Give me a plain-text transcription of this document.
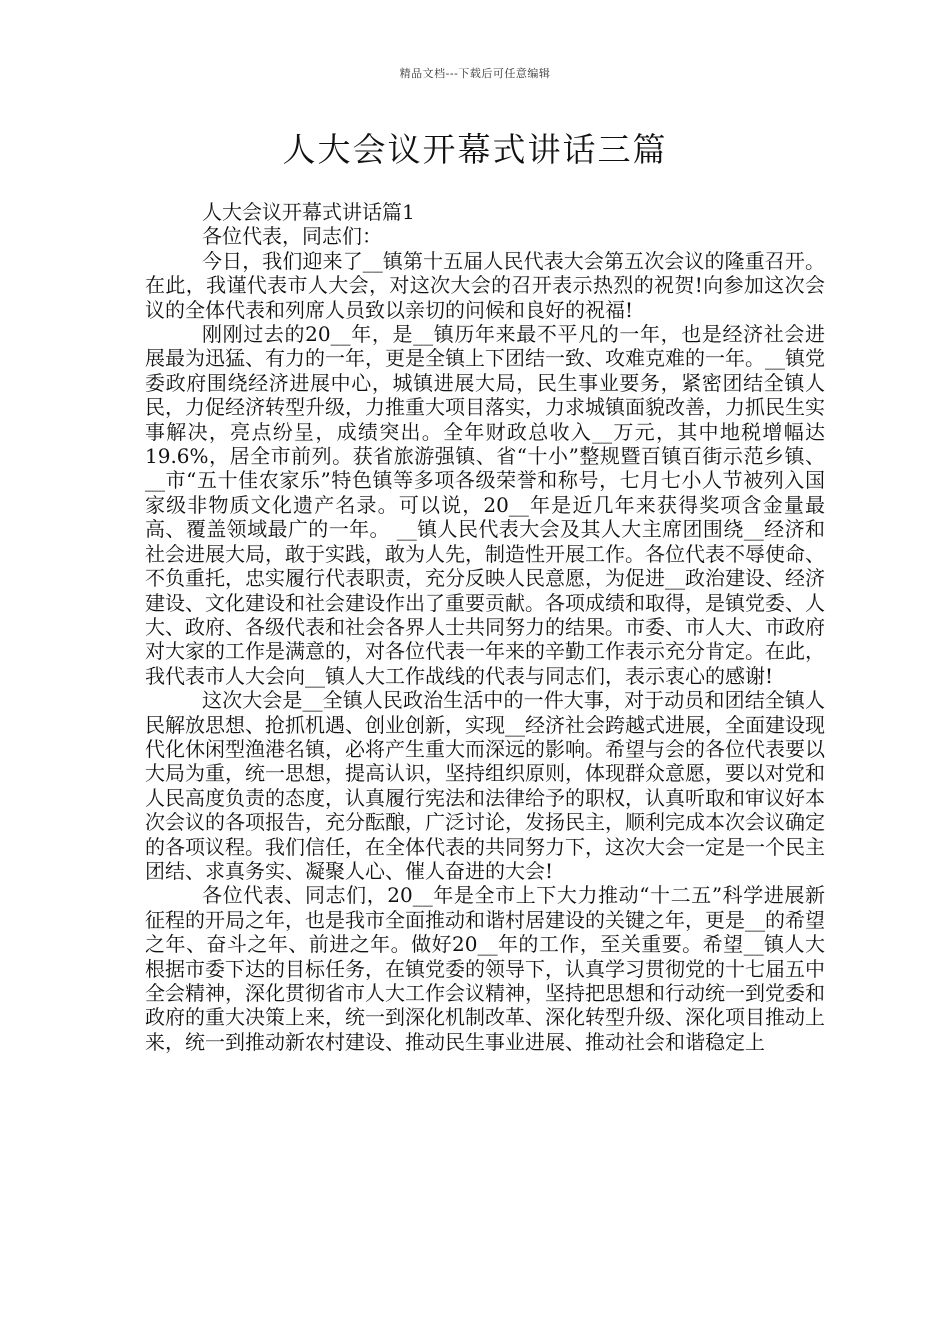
精品文档---下载后可任意编辑
人大会议开幕式讲话三篇

人大会议开幕式讲话篇1

各位代表，同志们：

今日，我们迎来了__镇第十五届人民代表大会第五次会议的隆重召开。在此，我谨代表市人大会，对这次大会的召开表示热烈的祝贺!向参加这次会议的全体代表和列席人员致以亲切的问候和良好的祝福!

刚刚过去的20__年，是__镇历年来最不平凡的一年，也是经济社会进展最为迅猛、有力的一年，更是全镇上下团结一致、攻难克难的一年。__镇党委政府围绕经济进展中心，城镇进展大局，民生事业要务，紧密团结全镇人民，力促经济转型升级，力推重大项目落实，力求城镇面貌改善，力抓民生实事解决，亮点纷呈，成绩突出。全年财政总收入__万元，其中地税增幅达19.6%，居全市前列。获省旅游强镇、省“十小”整规暨百镇百街示范乡镇、__市“五十佳农家乐”特色镇等多项各级荣誉和称号，七月七小人节被列入国家级非物质文化遗产名录。可以说，20__年是近几年来获得奖项含金量最高、覆盖领域最广的一年。 __镇人民代表大会及其人大主席团围绕__经济和社会进展大局，敢于实践，敢为人先，制造性开展工作。各位代表不辱使命、不负重托，忠实履行代表职责，充分反映人民意愿，为促进__政治建设、经济建设、文化建设和社会建设作出了重要贡献。各项成绩和取得，是镇党委、人大、政府、各级代表和社会各界人士共同努力的结果。市委、市人大、市政府对大家的工作是满意的，对各位代表一年来的辛勤工作表示充分肯定。在此，我代表市人大会向__镇人大工作战线的代表与同志们，表示衷心的感谢!

这次大会是__全镇人民政治生活中的一件大事，对于动员和团结全镇人民解放思想、抢抓机遇、创业创新，实现__经济社会跨越式进展，全面建设现代化休闲型渔港名镇，必将产生重大而深远的影响。希望与会的各位代表要以大局为重，统一思想，提高认识，坚持组织原则，体现群众意愿，要以对党和人民高度负责的态度，认真履行宪法和法律给予的职权，认真听取和审议好本次会议的各项报告，充分酝酿，广泛讨论，发扬民主，顺利完成本次会议确定的各项议程。我们信任，在全体代表的共同努力下，这次大会一定是一个民主团结、求真务实、凝聚人心、催人奋进的大会!

各位代表、同志们，20__年是全市上下大力推动“十二五”科学进展新征程的开局之年，也是我市全面推动和谐村居建设的关键之年，更是__的希望之年、奋斗之年、前进之年。做好20__年的工作，至关重要。希望__镇人大根据市委下达的目标任务，在镇党委的领导下，认真学习贯彻党的十七届五中全会精神，深化贯彻省市人大工作会议精神，坚持把思想和行动统一到党委和政府的重大决策上来，统一到深化机制改革、深化转型升级、深化项目推动上来，统一到推动新农村建设、推动民生事业进展、推动社会和谐稳定上
